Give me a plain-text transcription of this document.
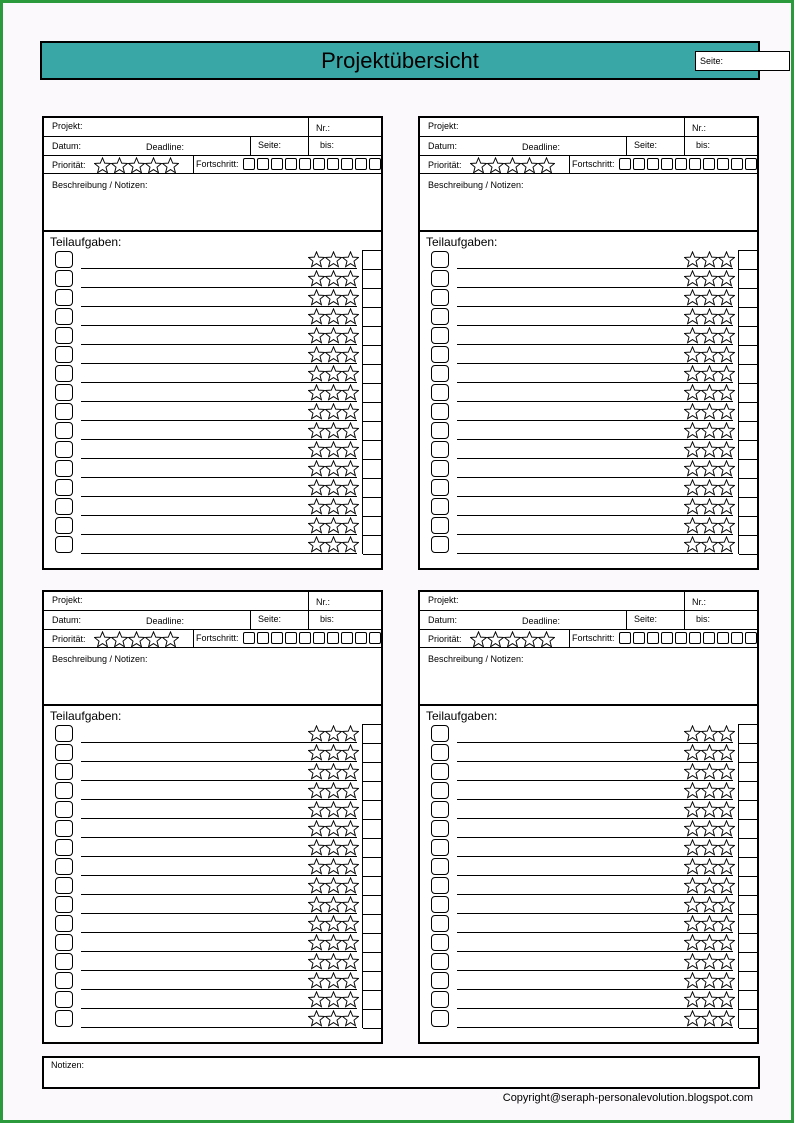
Projektübersicht	Seite:
Projekt:	Nr.:
Datum:	Deadline:	Seite:	bis:
Priorität:	Fortschritt:
Beschreibung / Notizen:
Teilaufgaben:
Projekt:	Nr.:
Datum:	Deadline:	Seite:	bis:
Priorität:	Fortschritt:
Beschreibung / Notizen:
Teilaufgaben:
Projekt:	Nr.:
Datum:	Deadline:	Seite:	bis:
Priorität:	Fortschritt:
Beschreibung / Notizen:
Teilaufgaben:
Projekt:	Nr.:
Datum:	Deadline:	Seite:	bis:
Priorität:	Fortschritt:
Beschreibung / Notizen:
Teilaufgaben:
Notizen:
Copyright@seraph-personalevolution.blogspot.com
